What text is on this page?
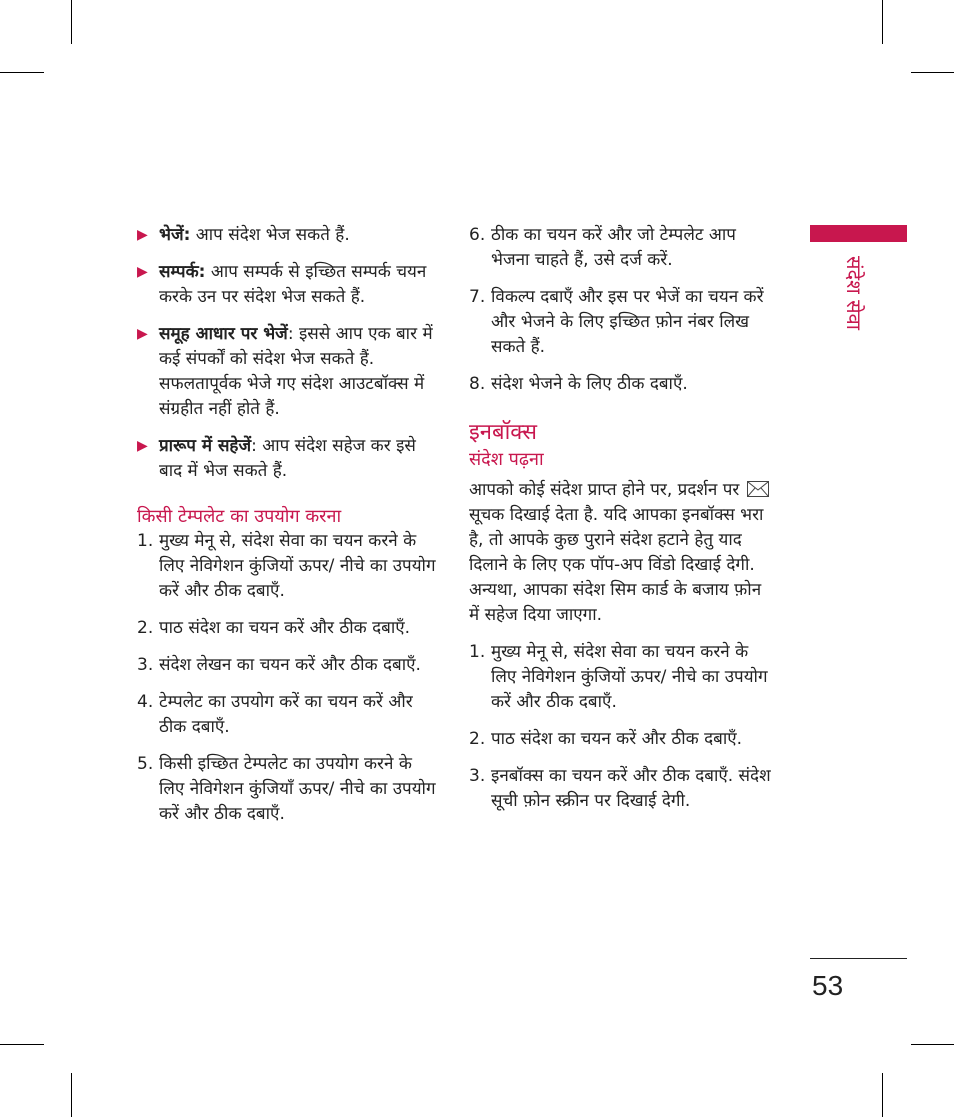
▶ भेजें: आप संदेश भेज सकते हैं.

▶ सम्पर्क: आप सम्पर्क से इच्छित सम्पर्क चयन करके उन पर संदेश भेज सकते हैं.

▶ समूह आधार पर भेजें: इससे आप एक बार में कई संपर्कों को संदेश भेज सकते हैं. सफलतापूर्वक भेजे गए संदेश आउटबॉक्स में संग्रहीत नहीं होते हैं.

▶ प्रारूप में सहेजें: आप संदेश सहेज कर इसे बाद में भेज सकते हैं.

किसी टेम्पलेट का उपयोग करना

1. मुख्य मेनू से, संदेश सेवा का चयन करने के लिए नेविगेशन कुंजियों ऊपर/ नीचे का उपयोग करें और ठीक दबाएँ.

2. पाठ संदेश का चयन करें और ठीक दबाएँ.

3. संदेश लेखन का चयन करें और ठीक दबाएँ.

4. टेम्पलेट का उपयोग करें का चयन करें और ठीक दबाएँ.

5. किसी इच्छित टेम्पलेट का उपयोग करने के लिए नेविगेशन कुंजियाँ ऊपर/ नीचे का उपयोग करें और ठीक दबाएँ.

6. ठीक का चयन करें और जो टेम्पलेट आप भेजना चाहते हैं, उसे दर्ज करें.

7. विकल्प दबाएँ और इस पर भेजें का चयन करें और भेजने के लिए इच्छित फ़ोन नंबर लिख सकते हैं.

8. संदेश भेजने के लिए ठीक दबाएँ.

इनबॉक्स

संदेश पढ़ना

आपको कोई संदेश प्राप्त होने पर, प्रदर्शन पर
सूचक दिखाई देता है. यदि आपका इनबॉक्स भरा है, तो आपके कुछ पुराने संदेश हटाने हेतु याद दिलाने के लिए एक पॉप-अप विंडो दिखाई देगी. अन्यथा, आपका संदेश सिम कार्ड के बजाय फ़ोन में सहेज दिया जाएगा.

1. मुख्य मेनू से, संदेश सेवा का चयन करने के लिए नेविगेशन कुंजियों ऊपर/ नीचे का उपयोग करें और ठीक दबाएँ.

2. पाठ संदेश का चयन करें और ठीक दबाएँ.

3. इनबॉक्स का चयन करें और ठीक दबाएँ. संदेश सूची फ़ोन स्क्रीन पर दिखाई देगी.

संदेश सेवा
53
